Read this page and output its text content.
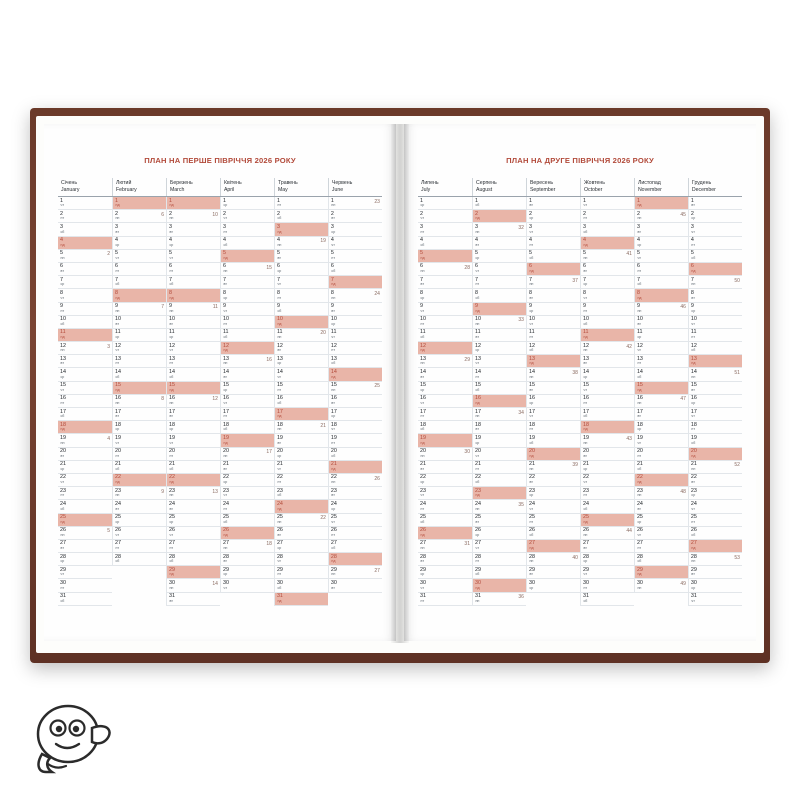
ПЛАН НА ПЕРШЕ ПІВРІЧЧЯ 2026 РОКУ
Січень
January
Лютий
February
Березень
March
Квітень
April
Травень
May
Червень
June
1
чт
1
нд
1
нд
1
ср
1
пт
1
пн
23
2
пт
2
пн
6 2
пн
10 2
чт
2
сб
2
вт
3
сб
3
вт
3
вт
3
пт
3
нд
3
ср
4
нд
4
ср
4
ср
4
сб
4
пн
19 4
чт
5
пн
2 5
чт
5
чт
5
нд
5
вт
5
пт
6
вт
6
пт
6
пт
6
пн
15 6
ср
6
сб
7
ср
7
сб
7
сб
7
вт
7
чт
7
нд
8
чт
8
нд
8
нд
8
ср
8
пт
8
пн
24
9
пт
9
пн
7 9
пн
11 9
чт
9
сб
9
вт
10
сб
10
вт
10
вт
10
пт
10
нд
10
ср
11
нд
11
ср
11
ср
11
сб
11
пн
20 11
чт
12
пн
3 12
чт
12
чт
12
нд
12
вт
12
пт
13
вт
13
пт
13
пт
13
пн
16 13
ср
13
сб
14
ср
14
сб
14
сб
14
вт
14
чт
14
нд
15
чт
15
нд
15
нд
15
ср
15
пт
15
пн
25
16
пт
16
пн
8 16
пн
12 16
чт
16
сб
16
вт
17
сб
17
вт
17
вт
17
пт
17
нд
17
ср
18
нд
18
ср
18
ср
18
сб
18
пн
21 18
чт
19
пн
4 19
чт
19
чт
19
нд
19
вт
19
пт
20
вт
20
пт
20
пт
20
пн
17 20
ср
20
сб
21
ср
21
сб
21
сб
21
вт
21
чт
21
нд
22
чт
22
нд
22
нд
22
ср
22
пт
22
пн
26
23
пт
23
пн
9 23
пн
13 23
чт
23
сб
23
вт
24
сб
24
вт
24
вт
24
пт
24
нд
24
ср
25
нд
25
ср
25
ср
25
сб
25
пн
22 25
чт
26
пн
5 26
чт
26
чт
26
нд
26
вт
26
пт
27
вт
27
пт
27
пт
27
пн
18 27
ср
27
сб
28
ср
28
сб
28
сб
28
вт
28
чт
28
нд
29
чт
29
нд
29
ср
29
пт
29
пн
27
30
пт
30
пн
14 30
чт
30
сб
30
вт
31
сб
31
вт
31
нд
ПЛАН НА ДРУГЕ ПІВРІЧЧЯ 2026 РОКУ
Липень
July
Серпень
August
Вересень
September
Жовтень
October
Листопад
November
Грудень
December
1
ср
1
сб
1
вт
1
чт
1
нд
1
вт
2
чт
2
нд
2
ср
2
пт
2
пн
45 2
ср
3
пт
3
пн
32 3
чт
3
сб
3
вт
3
чт
4
сб
4
вт
4
пт
4
нд
4
ср
4
пт
5
нд
5
ср
5
сб
5
пн
41 5
чт
5
сб
6
пн
28 6
чт
6
нд
6
вт
6
пт
6
нд
7
вт
7
пт
7
пн
37 7
ср
7
сб
7
пн
50
8
ср
8
сб
8
вт
8
чт
8
нд
8
вт
9
чт
9
нд
9
ср
9
пт
9
пн
46 9
ср
10
пт
10
пн
33 10
чт
10
сб
10
вт
10
чт
11
сб
11
вт
11
пт
11
нд
11
ср
11
пт
12
нд
12
ср
12
сб
12
пн
42 12
чт
12
сб
13
пн
29 13
чт
13
нд
13
вт
13
пт
13
нд
14
вт
14
пт
14
пн
38 14
ср
14
сб
14
пн
51
15
ср
15
сб
15
вт
15
чт
15
нд
15
вт
16
чт
16
нд
16
ср
16
пт
16
пн
47 16
ср
17
пт
17
пн
34 17
чт
17
сб
17
вт
17
чт
18
сб
18
вт
18
пт
18
нд
18
ср
18
пт
19
нд
19
ср
19
сб
19
пн
43 19
чт
19
сб
20
пн
30 20
чт
20
нд
20
вт
20
пт
20
нд
21
вт
21
пт
21
пн
39 21
ср
21
сб
21
пн
52
22
ср
22
сб
22
вт
22
чт
22
нд
22
вт
23
чт
23
нд
23
ср
23
пт
23
пн
48 23
ср
24
пт
24
пн
35 24
чт
24
сб
24
вт
24
чт
25
сб
25
вт
25
пт
25
нд
25
ср
25
пт
26
нд
26
ср
26
сб
26
пн
44 26
чт
26
сб
27
пн
31 27
чт
27
нд
27
вт
27
пт
27
нд
28
вт
28
пт
28
пн
40 28
ср
28
сб
28
пн
53
29
ср
29
сб
29
вт
29
чт
29
нд
29
вт
30
чт
30
нд
30
ср
30
пт
30
пн
49 30
ср
31
пт
31
пн
36	31
сб
31
чт
